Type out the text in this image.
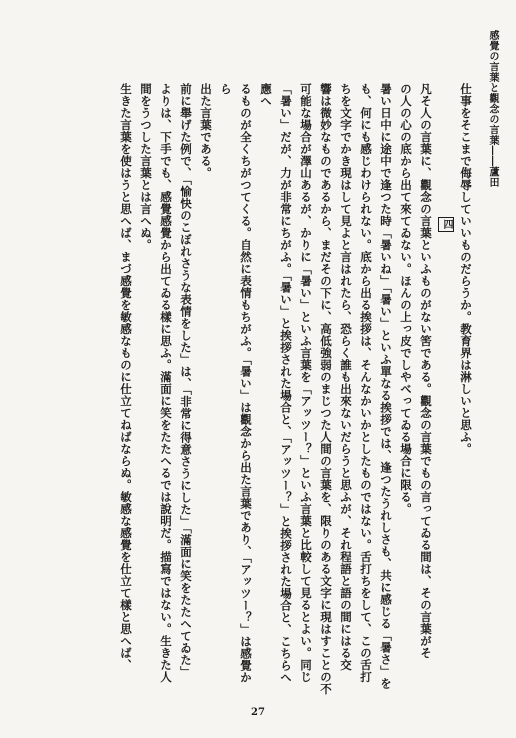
感覺の言葉と觀念の言葉――蘆田
仕事をそこまで侮辱していいものだらうか。教育界は淋しいと思ふ。
四
凡そ人の言葉に、觀念の言葉といふものがない筈である。觀念の言葉でもの言ってゐる間は、その言葉がそ
の人の心の底から出て來てゐない。ほんの上っ皮でしやべってゐる場合に限る。
暑い日中に途中で逢つた時「暑いね」「暑い」といふ單なる挨拶では、逢つたうれしさも、共に感じる「暑さ」を
も、何にも感じわけられない。底から出る挨拶は、そんなかいかとしたものではない。舌打ちをして、この舌打
ちを文字でかき現はして見よと言はれたら、恐らく誰も出來ないだらうと思ふが、それ程語と語の間にはる交
響は微妙なものであるから、まだその下に、高低強弱のまじつた人間の言葉を、限りのある文字に現はすことの不
可能な場合が澤山あるが、かりに「暑い」といふ言葉を「アッツー？」といふ言葉と比較して見るとよい。同じ
「暑い」だが、力が非常にちがふ。「暑い」と挨拶された場合と、「アッツー？」と挨拶された場合と、こちらへ應へ
るものが全くちがつてくる。自然に表情もちがふ。「暑い」は觀念から出た言葉であり、「アッツー？」は感覺から
出た言葉である。
前に舉げた例で、「愉快のこぼれさうな表情をした」は、「非常に得意さうにした」「滿面に笑をたたへてゐた」
よりは、下手でも、感覺感覺から出てゐる樣に思ふ。滿面に笑をたたへるでは說明だ。描寫ではない。生きた人
間をうつした言葉とは言へぬ。
生きた言葉を使はうと思へば、まづ感覺を敏感なものに仕立てねばならぬ。敏感な感覺を仕立て樣と思へば、
27
